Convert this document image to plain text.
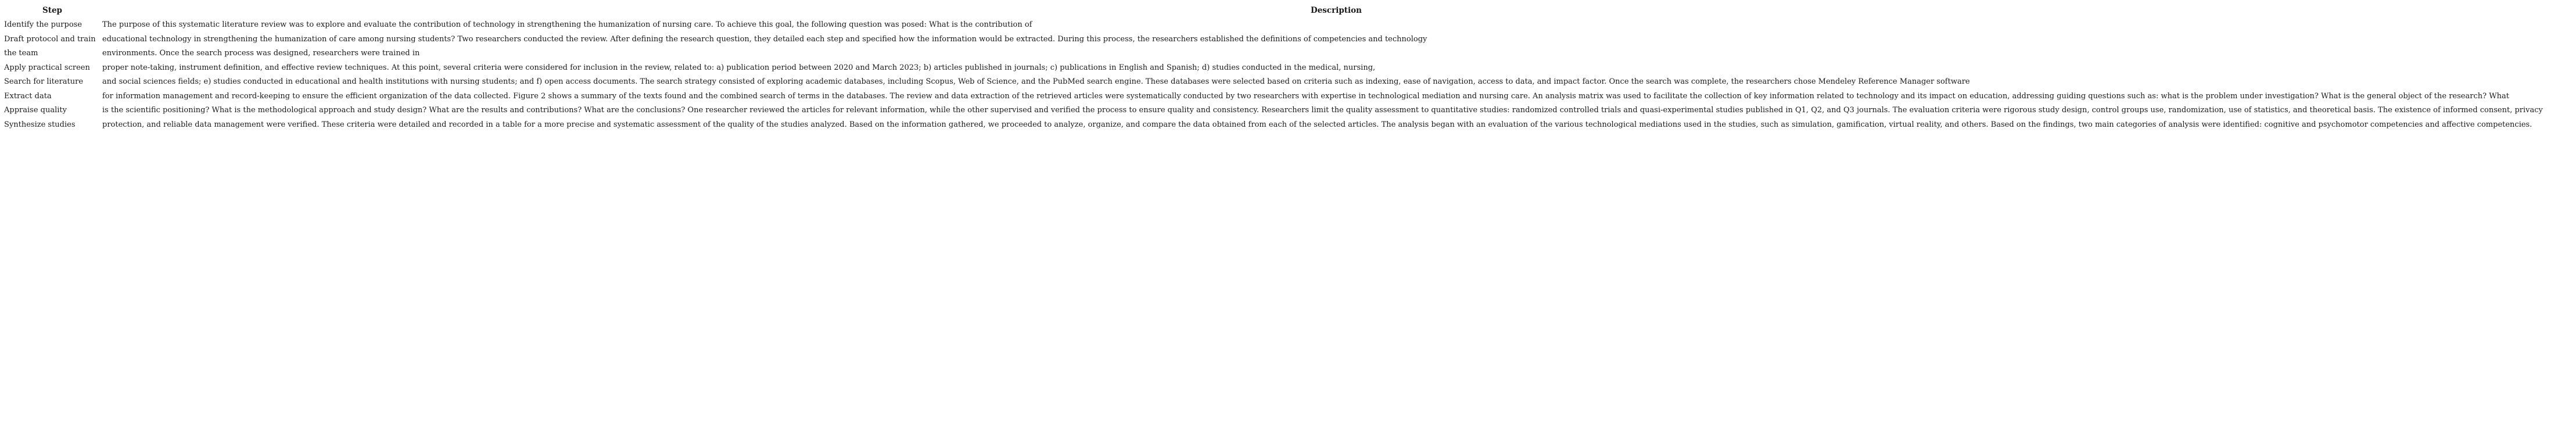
Step	Description
Identify the purpose
Draft protocol and train
the team
Apply practical screen
Search for literature
Extract data
Appraise quality
Synthesize studies
The purpose of this systematic literature review was to explore and evaluate the contribution of technology in strengthening the humanization of nursing care. To achieve this goal, the following question was posed: What is the contribution of
educational technology in strengthening the humanization of care among nursing students? Two researchers conducted the review. After defining the research question, they detailed each step and specified how the information would be extracted. During this process, the researchers established the definitions of competencies and technology
environments. Once the search process was designed, researchers were trained in
proper note-taking, instrument definition, and effective review techniques. At this point, several criteria were considered for inclusion in the review, related to: a) publication period between 2020 and March 2023; b) articles published in journals; c) publications in English and Spanish; d) studies conducted in the medical, nursing,
and social sciences fields; e) studies conducted in educational and health institutions with nursing students; and f) open access documents. The search strategy consisted of exploring academic databases, including Scopus, Web of Science, and the PubMed search engine. These databases were selected based on criteria such as indexing, ease of navigation, access to data, and impact factor. Once the search was complete, the researchers chose Mendeley Reference Manager software
for information management and record-keeping to ensure the efficient organization of the data collected. Figure 2 shows a summary of the texts found and the combined search of terms in the databases. The review and data extraction of the retrieved articles were systematically conducted by two researchers with expertise in technological mediation and nursing care. An analysis matrix was used to facilitate the collection of key information related to technology and its impact on education, addressing guiding questions such as: what is the problem under investigation? What is the general object of the research? What
is the scientific positioning? What is the methodological approach and study design? What are the results and contributions? What are the conclusions? One researcher reviewed the articles for relevant information, while the other supervised and verified the process to ensure quality and consistency. Researchers limit the quality assessment to quantitative studies: randomized controlled trials and quasi-experimental studies published in Q1, Q2, and Q3 journals. The evaluation criteria were rigorous study design, control groups use, randomization, use of statistics, and theoretical basis. The existence of informed consent, privacy
protection, and reliable data management were verified. These criteria were detailed and recorded in a table for a more precise and systematic assessment of the quality of the studies analyzed. Based on the information gathered, we proceeded to analyze, organize, and compare the data obtained from each of the selected articles. The analysis began with an evaluation of the various technological mediations used in the studies, such as simulation, gamification, virtual reality, and others. Based on the findings, two main categories of analysis were identified: cognitive and psychomotor competencies and affective competencies.
